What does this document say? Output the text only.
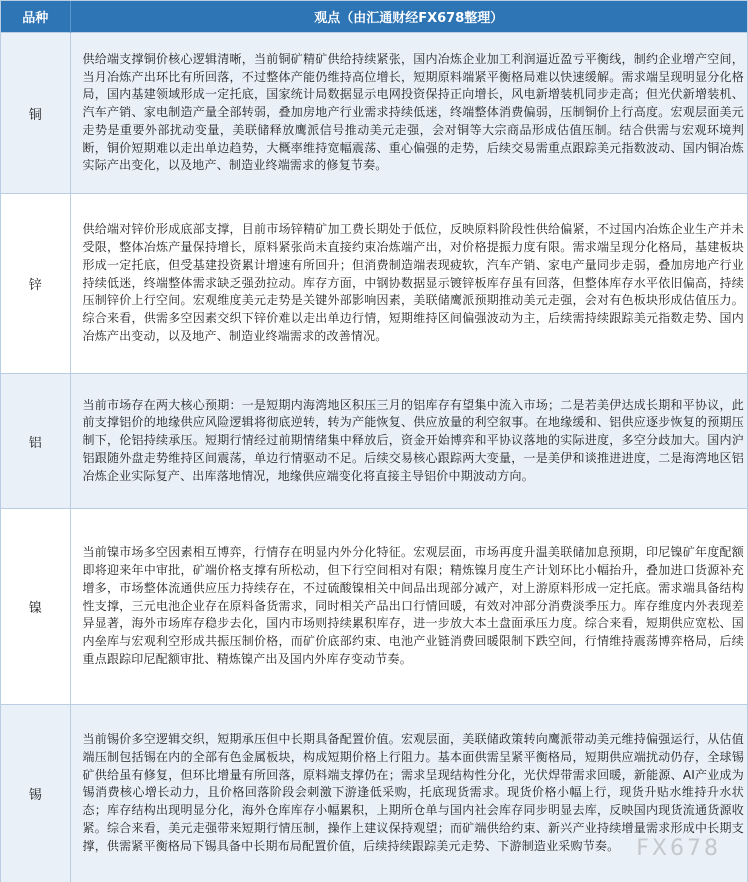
品种	观点（由汇通财经FX678整理）
铜	供给端支撑铜价核心逻辑清晰，当前铜矿精矿供给持续紧张，国内冶炼企业加工利润逼近盈亏平衡线，制约企业增产空间，当月冶炼产出环比有所回落，不过整体产能仍维持高位增长，短期原料端紧平衡格局难以快速缓解。需求端呈现明显分化格局，国内基建领域形成一定托底，国家统计局数据显示电网投资保持正向增长，风电新增装机同步走高；但光伏新增装机、汽车产销、家电制造产量全部转弱，叠加房地产行业需求持续低迷，终端整体消费偏弱，压制铜价上行高度。宏观层面美元走势是重要外部扰动变量，美联储释放鹰派信号推动美元走强，会对铜等大宗商品形成估值压制。结合供需与宏观环境判断，铜价短期难以走出单边趋势，大概率维持宽幅震荡、重心偏强的走势，后续交易需重点跟踪美元指数波动、国内铜冶炼实际产出变化，以及地产、制造业终端需求的修复节奏。
锌	供给端对锌价形成底部支撑，目前市场锌精矿加工费长期处于低位，反映原料阶段性供给偏紧，不过国内冶炼企业生产并未受限，整体冶炼产量保持增长，原料紧张尚未直接约束冶炼端产出，对价格提振力度有限。需求端呈现分化格局，基建板块形成一定托底，但受基建投资累计增速有所回升；但消费制造端表现疲软，汽车产销、家电产量同步走弱，叠加房地产行业持续低迷，终端整体需求缺乏强劲拉动。库存方面，中钢协数据显示镀锌板库存虽有回落，但整体库存水平依旧偏高，持续压制锌价上行空间。宏观维度美元走势是关键外部影响因素，美联储鹰派预期推动美元走强，会对有色板块形成估值压力。综合来看，供需多空因素交织下锌价难以走出单边行情，短期维持区间偏强波动为主，后续需持续跟踪美元指数走势、国内冶炼产出变动，以及地产、制造业终端需求的改善情况。
铝	当前市场存在两大核心预期：一是短期内海湾地区积压三月的铝库存有望集中流入市场；二是若美伊达成长期和平协议，此前支撑铝价的地缘供应风险逻辑将彻底逆转，转为产能恢复、供应放量的利空叙事。在地缘缓和、铝供应逐步恢复的预期压制下，伦铝持续承压。短期行情经过前期情绪集中释放后，资金开始博弈和平协议落地的实际进度，多空分歧加大。国内沪铝跟随外盘走势维持区间震荡，单边行情驱动不足。后续交易核心跟踪两大变量，一是美伊和谈推进进度，二是海湾地区铝冶炼企业实际复产、出库落地情况，地缘供应端变化将直接主导铝价中期波动方向。
镍	当前镍市场多空因素相互博弈，行情存在明显内外分化特征。宏观层面，市场再度升温美联储加息预期，印尼镍矿年度配额即将迎来年中审批，矿端价格支撑有所松动，但下行空间相对有限；精炼镍月度生产计划环比小幅抬升，叠加进口货源补充增多，市场整体流通供应压力持续存在，不过硫酸镍相关中间品出现部分减产，对上游原料形成一定托底。需求端具备结构性支撑，三元电池企业存在原料备货需求，同时相关产品出口行情回暖，有效对冲部分消费淡季压力。库存维度内外表现差异显著，海外市场库存稳步去化，国内市场则持续累积库存，进一步放大本土盘面承压力度。综合来看，短期供应宽松、国内垒库与宏观利空形成共振压制价格，而矿价底部约束、电池产业链消费回暖限制下跌空间，行情维持震荡博弈格局，后续重点跟踪印尼配额审批、精炼镍产出及国内外库存变动节奏。
锡	当前锡价多空逻辑交织，短期承压但中长期具备配置价值。宏观层面，美联储政策转向鹰派带动美元维持偏强运行，从估值端压制包括锡在内的全部有色金属板块，构成短期价格上行阻力。基本面供需呈紧平衡格局，短期供应端扰动仍存，全球锡矿供给虽有修复，但环比增量有所回落，原料端支撑仍在；需求呈现结构性分化，光伏焊带需求回暖，新能源、AI产业成为锡消费核心增长动力，且价格回落阶段会刺激下游逢低采购，托底现货需求。现货价格小幅上行，现货升贴水维持升水状态；库存结构出现明显分化，海外仓库库存小幅累积，上期所仓单与国内社会库存同步明显去库，反映国内现货流通货源收紧。综合来看，美元走强带来短期行情压制，操作上建议保持观望；而矿端供给约束、新兴产业持续增量需求形成中长期支撑，供需紧平衡格局下锡具备中长期布局配置价值，后续持续跟踪美元走势、下游制造业采购节奏。 FX678
